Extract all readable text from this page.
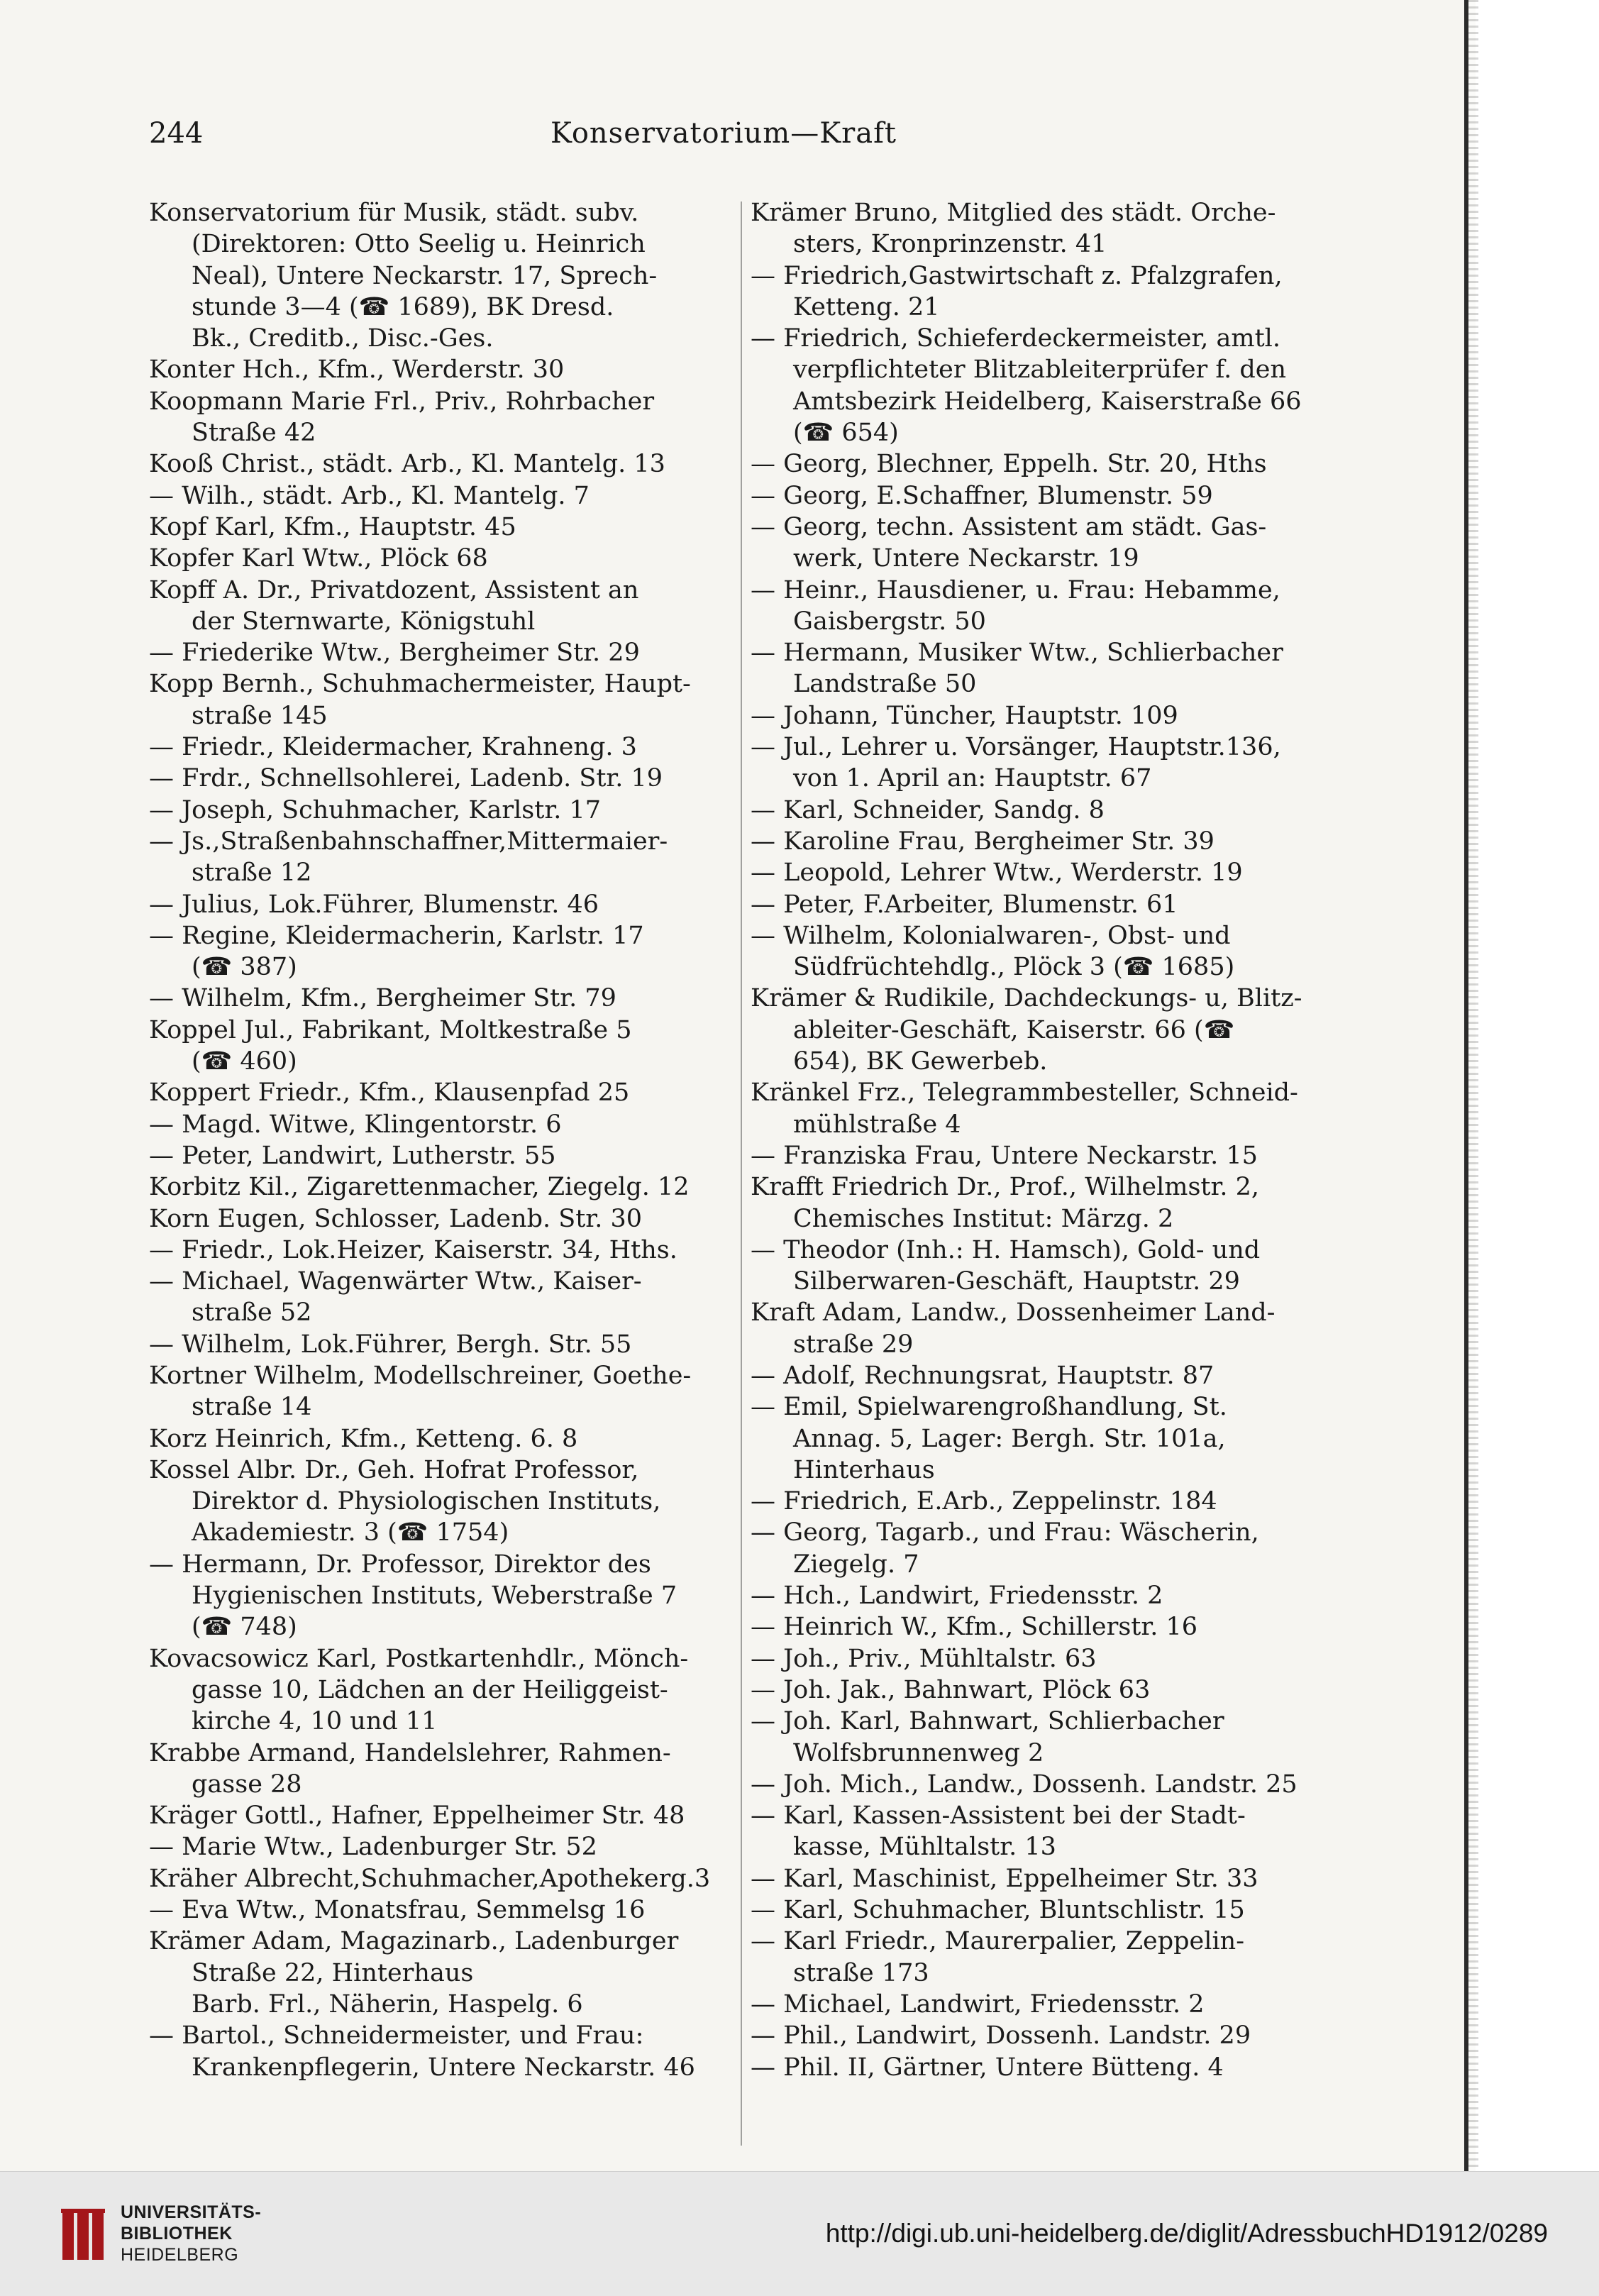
244	Konservatorium—Kraft
Konservatorium für Musik, städt. subv.
(Direktoren: Otto Seelig u. Heinrich
Neal), Untere Neckarstr. 17, Sprech-
stunde 3—4 (☎ 1689), BK Dresd.
Bk., Creditb., Disc.-Ges.
Konter Hch., Kfm., Werderstr. 30
Koopmann Marie Frl., Priv., Rohrbacher
Straße 42
Kooß Christ., städt. Arb., Kl. Mantelg. 13
— Wilh., städt. Arb., Kl. Mantelg. 7
Kopf Karl, Kfm., Hauptstr. 45
Kopfer Karl Wtw., Plöck 68
Kopff A. Dr., Privatdozent, Assistent an
der Sternwarte, Königstuhl
— Friederike Wtw., Bergheimer Str. 29
Kopp Bernh., Schuhmachermeister, Haupt-
straße 145
— Friedr., Kleidermacher, Krahneng. 3
— Frdr., Schnellsohlerei, Ladenb. Str. 19
— Joseph, Schuhmacher, Karlstr. 17
— Js.,Straßenbahnschaffner,Mittermaier-
straße 12
— Julius, Lok.Führer, Blumenstr. 46
— Regine, Kleidermacherin, Karlstr. 17
(☎ 387)
— Wilhelm, Kfm., Bergheimer Str. 79
Koppel Jul., Fabrikant, Moltkestraße 5
(☎ 460)
Koppert Friedr., Kfm., Klausenpfad 25
— Magd. Witwe, Klingentorstr. 6
— Peter, Landwirt, Lutherstr. 55
Korbitz Kil., Zigarettenmacher, Ziegelg. 12
Korn Eugen, Schlosser, Ladenb. Str. 30
— Friedr., Lok.Heizer, Kaiserstr. 34, Hths.
— Michael, Wagenwärter Wtw., Kaiser-
straße 52
— Wilhelm, Lok.Führer, Bergh. Str. 55
Kortner Wilhelm, Modellschreiner, Goethe-
straße 14
Korz Heinrich, Kfm., Ketteng. 6. 8
Kossel Albr. Dr., Geh. Hofrat Professor,
Direktor d. Physiologischen Instituts,
Akademiestr. 3 (☎ 1754)
— Hermann, Dr. Professor, Direktor des
Hygienischen Instituts, Weberstraße 7
(☎ 748)
Kovacsowicz Karl, Postkartenhdlr., Mönch-
gasse 10, Lädchen an der Heiliggeist-
kirche 4, 10 und 11
Krabbe Armand, Handelslehrer, Rahmen-
gasse 28
Kräger Gottl., Hafner, Eppelheimer Str. 48
— Marie Wtw., Ladenburger Str. 52
Kräher Albrecht,Schuhmacher,Apothekerg.3
— Eva Wtw., Monatsfrau, Semmelsg 16
Krämer Adam, Magazinarb., Ladenburger
Straße 22, Hinterhaus
Barb. Frl., Näherin, Haspelg. 6
— Bartol., Schneidermeister, und Frau:
Krankenpflegerin, Untere Neckarstr. 46
Krämer Bruno, Mitglied des städt. Orche-
sters, Kronprinzenstr. 41
— Friedrich,Gastwirtschaft z. Pfalzgrafen,
Ketteng. 21
— Friedrich, Schieferdeckermeister, amtl.
verpflichteter Blitzableiterprüfer f. den
Amtsbezirk Heidelberg, Kaiserstraße 66
(☎ 654)
— Georg, Blechner, Eppelh. Str. 20, Hths
— Georg, E.Schaffner, Blumenstr. 59
— Georg, techn. Assistent am städt. Gas-
werk, Untere Neckarstr. 19
— Heinr., Hausdiener, u. Frau: Hebamme,
Gaisbergstr. 50
— Hermann, Musiker Wtw., Schlierbacher
Landstraße 50
— Johann, Tüncher, Hauptstr. 109
— Jul., Lehrer u. Vorsänger, Hauptstr.136,
von 1. April an: Hauptstr. 67
— Karl, Schneider, Sandg. 8
— Karoline Frau, Bergheimer Str. 39
— Leopold, Lehrer Wtw., Werderstr. 19
— Peter, F.Arbeiter, Blumenstr. 61
— Wilhelm, Kolonialwaren-, Obst- und
Südfrüchtehdlg., Plöck 3 (☎ 1685)
Krämer & Rudikile, Dachdeckungs- u, Blitz-
ableiter-Geschäft, Kaiserstr. 66 (☎
654), BK Gewerbeb.
Kränkel Frz., Telegrammbesteller, Schneid-
mühlstraße 4
— Franziska Frau, Untere Neckarstr. 15
Krafft Friedrich Dr., Prof., Wilhelmstr. 2,
Chemisches Institut: Märzg. 2
— Theodor (Inh.: H. Hamsch), Gold- und
Silberwaren-Geschäft, Hauptstr. 29
Kraft Adam, Landw., Dossenheimer Land-
straße 29
— Adolf, Rechnungsrat, Hauptstr. 87
— Emil, Spielwarengroßhandlung, St.
Annag. 5, Lager: Bergh. Str. 101a,
Hinterhaus
— Friedrich, E.Arb., Zeppelinstr. 184
— Georg, Tagarb., und Frau: Wäscherin,
Ziegelg. 7
— Hch., Landwirt, Friedensstr. 2
— Heinrich W., Kfm., Schillerstr. 16
— Joh., Priv., Mühltalstr. 63
— Joh. Jak., Bahnwart, Plöck 63
— Joh. Karl, Bahnwart, Schlierbacher
Wolfsbrunnenweg 2
— Joh. Mich., Landw., Dossenh. Landstr. 25
— Karl, Kassen-Assistent bei der Stadt-
kasse, Mühltalstr. 13
— Karl, Maschinist, Eppelheimer Str. 33
— Karl, Schuhmacher, Bluntschlistr. 15
— Karl Friedr., Maurerpalier, Zeppelin-
straße 173
— Michael, Landwirt, Friedensstr. 2
— Phil., Landwirt, Dossenh. Landstr. 29
— Phil. II, Gärtner, Untere Bütteng. 4
UNIVERSITÄTS-
BIBLIOTHEK
HEIDELBERG
http://digi.ub.uni-heidelberg.de/diglit/AdressbuchHD1912/0289
